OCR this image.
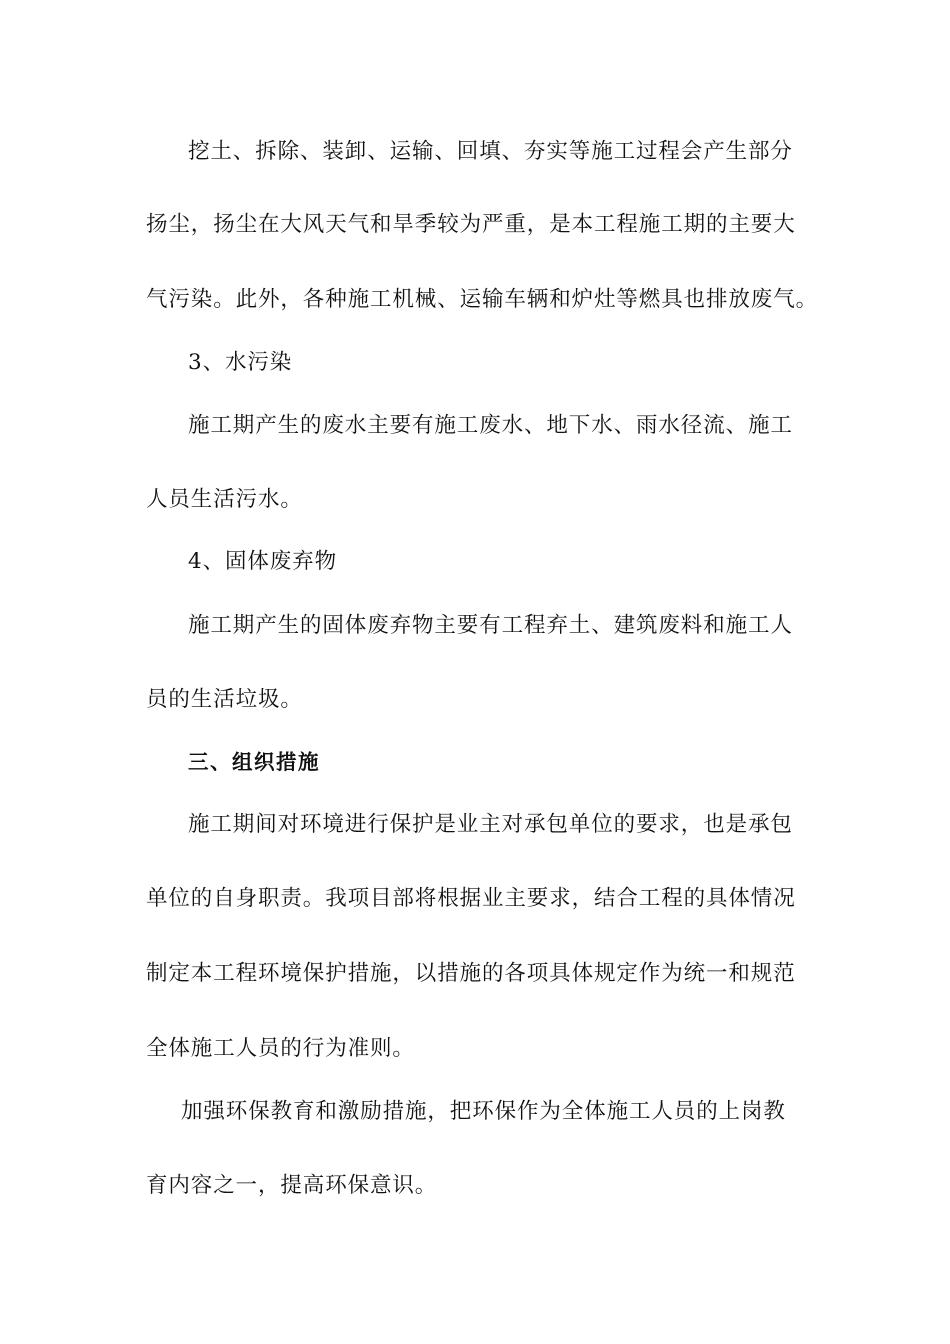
挖土、拆除、装卸、运输、回填、夯实等施工过程会产生部分
扬尘，扬尘在大风天气和旱季较为严重，是本工程施工期的主要大
气污染。此外，各种施工机械、运输车辆和炉灶等燃具也排放废气。
3、水污染
施工期产生的废水主要有施工废水、地下水、雨水径流、施工
人员生活污水。
4、固体废弃物
施工期产生的固体废弃物主要有工程弃土、建筑废料和施工人
员的生活垃圾。
三、组织措施
施工期间对环境进行保护是业主对承包单位的要求，也是承包
单位的自身职责。我项目部将根据业主要求，结合工程的具体情况
制定本工程环境保护措施，以措施的各项具体规定作为统一和规范
全体施工人员的行为准则。
加强环保教育和激励措施，把环保作为全体施工人员的上岗教
育内容之一，提高环保意识。
